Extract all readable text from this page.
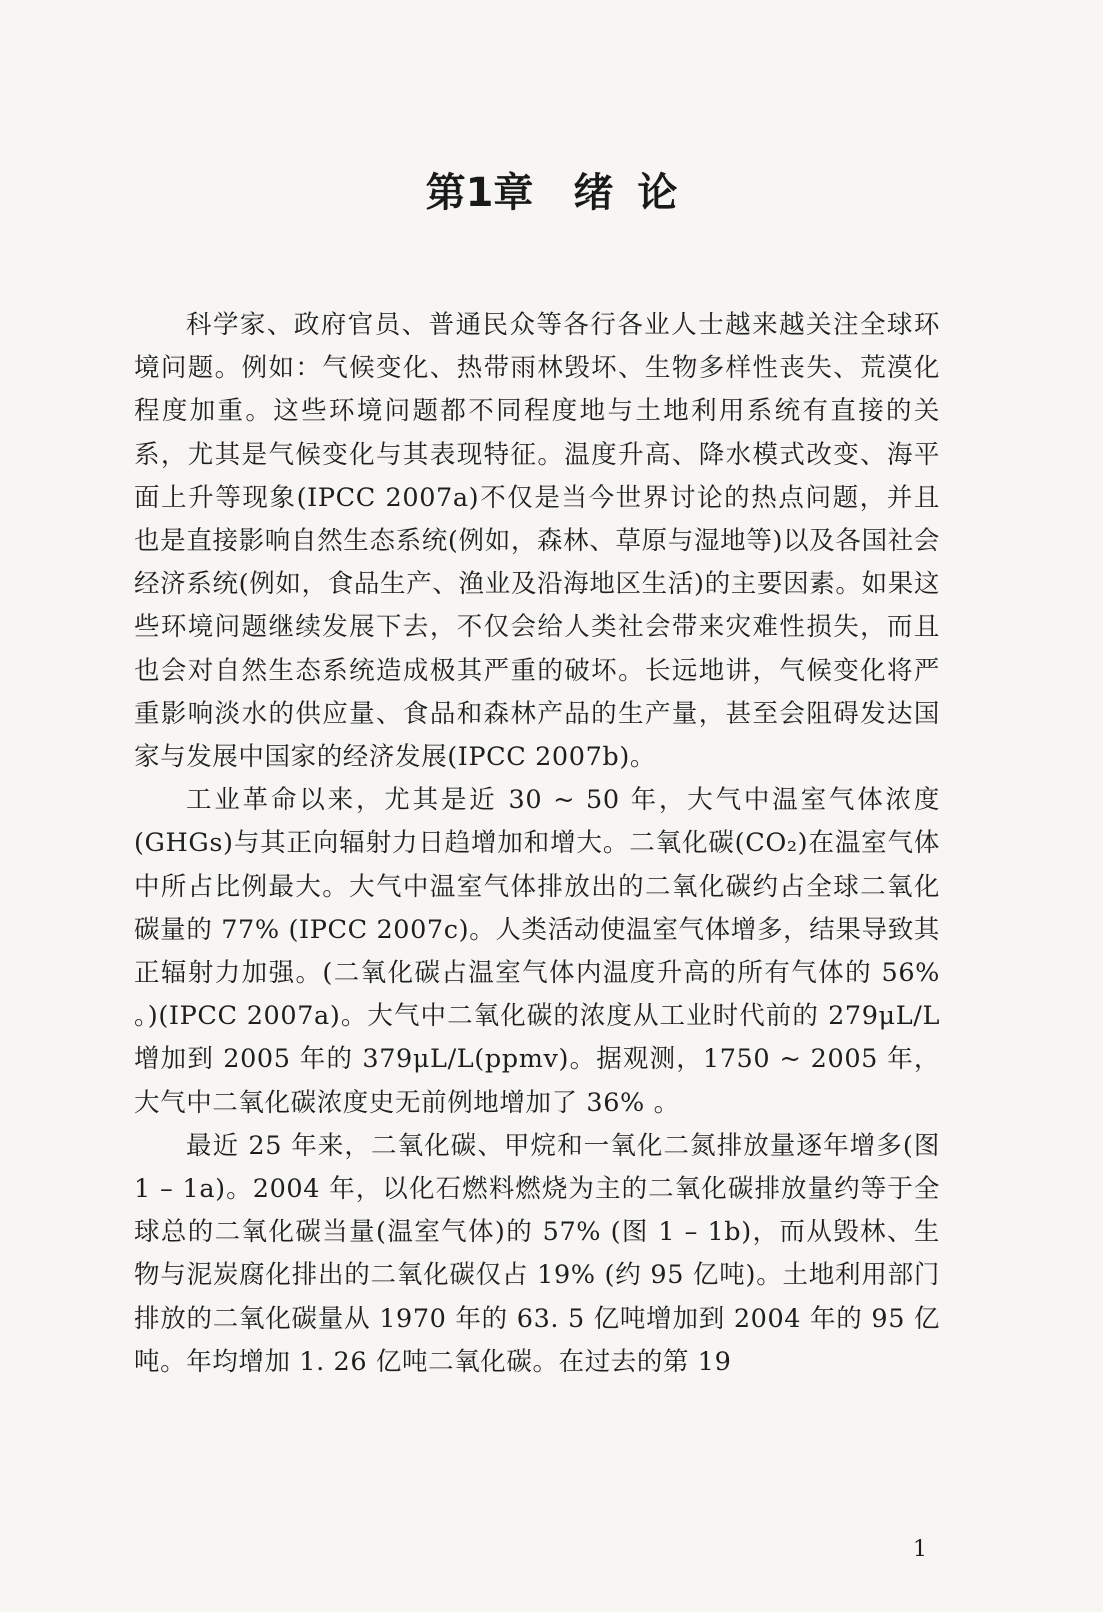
第1章 绪 论

科学家、政府官员、普通民众等各行各业人士越来越关注全球环境问题。例如：气候变化、热带雨林毁坏、生物多样性丧失、荒漠化程度加重。这些环境问题都不同程度地与土地利用系统有直接的关系，尤其是气候变化与其表现特征。温度升高、降水模式改变、海平面上升等现象(IPCC 2007a)不仅是当今世界讨论的热点问题，并且也是直接影响自然生态系统(例如，森林、草原与湿地等)以及各国社会经济系统(例如，食品生产、渔业及沿海地区生活)的主要因素。如果这些环境问题继续发展下去，不仅会给人类社会带来灾难性损失，而且也会对自然生态系统造成极其严重的破坏。长远地讲，气候变化将严重影响淡水的供应量、食品和森林产品的生产量，甚至会阻碍发达国家与发展中国家的经济发展(IPCC 2007b)。

工业革命以来，尤其是近 30 ~ 50 年，大气中温室气体浓度(GHGs)与其正向辐射力日趋增加和增大。二氧化碳(CO₂)在温室气体中所占比例最大。大气中温室气体排放出的二氧化碳约占全球二氧化碳量的 77% (IPCC 2007c)。人类活动使温室气体增多，结果导致其正辐射力加强。(二氧化碳占温室气体内温度升高的所有气体的 56% 。)(IPCC 2007a)。大气中二氧化碳的浓度从工业时代前的 279μL/L 增加到 2005 年的 379μL/L(ppmv)。据观测，1750 ~ 2005 年，大气中二氧化碳浓度史无前例地增加了 36% 。

最近 25 年来，二氧化碳、甲烷和一氧化二氮排放量逐年增多(图 1 – 1a)。2004 年，以化石燃料燃烧为主的二氧化碳排放量约等于全球总的二氧化碳当量(温室气体)的 57% (图 1 – 1b)，而从毁林、生物与泥炭腐化排出的二氧化碳仅占 19% (约 95 亿吨)。土地利用部门排放的二氧化碳量从 1970 年的 63. 5 亿吨增加到 2004 年的 95 亿吨。年均增加 1. 26 亿吨二氧化碳。在过去的第 19

1
